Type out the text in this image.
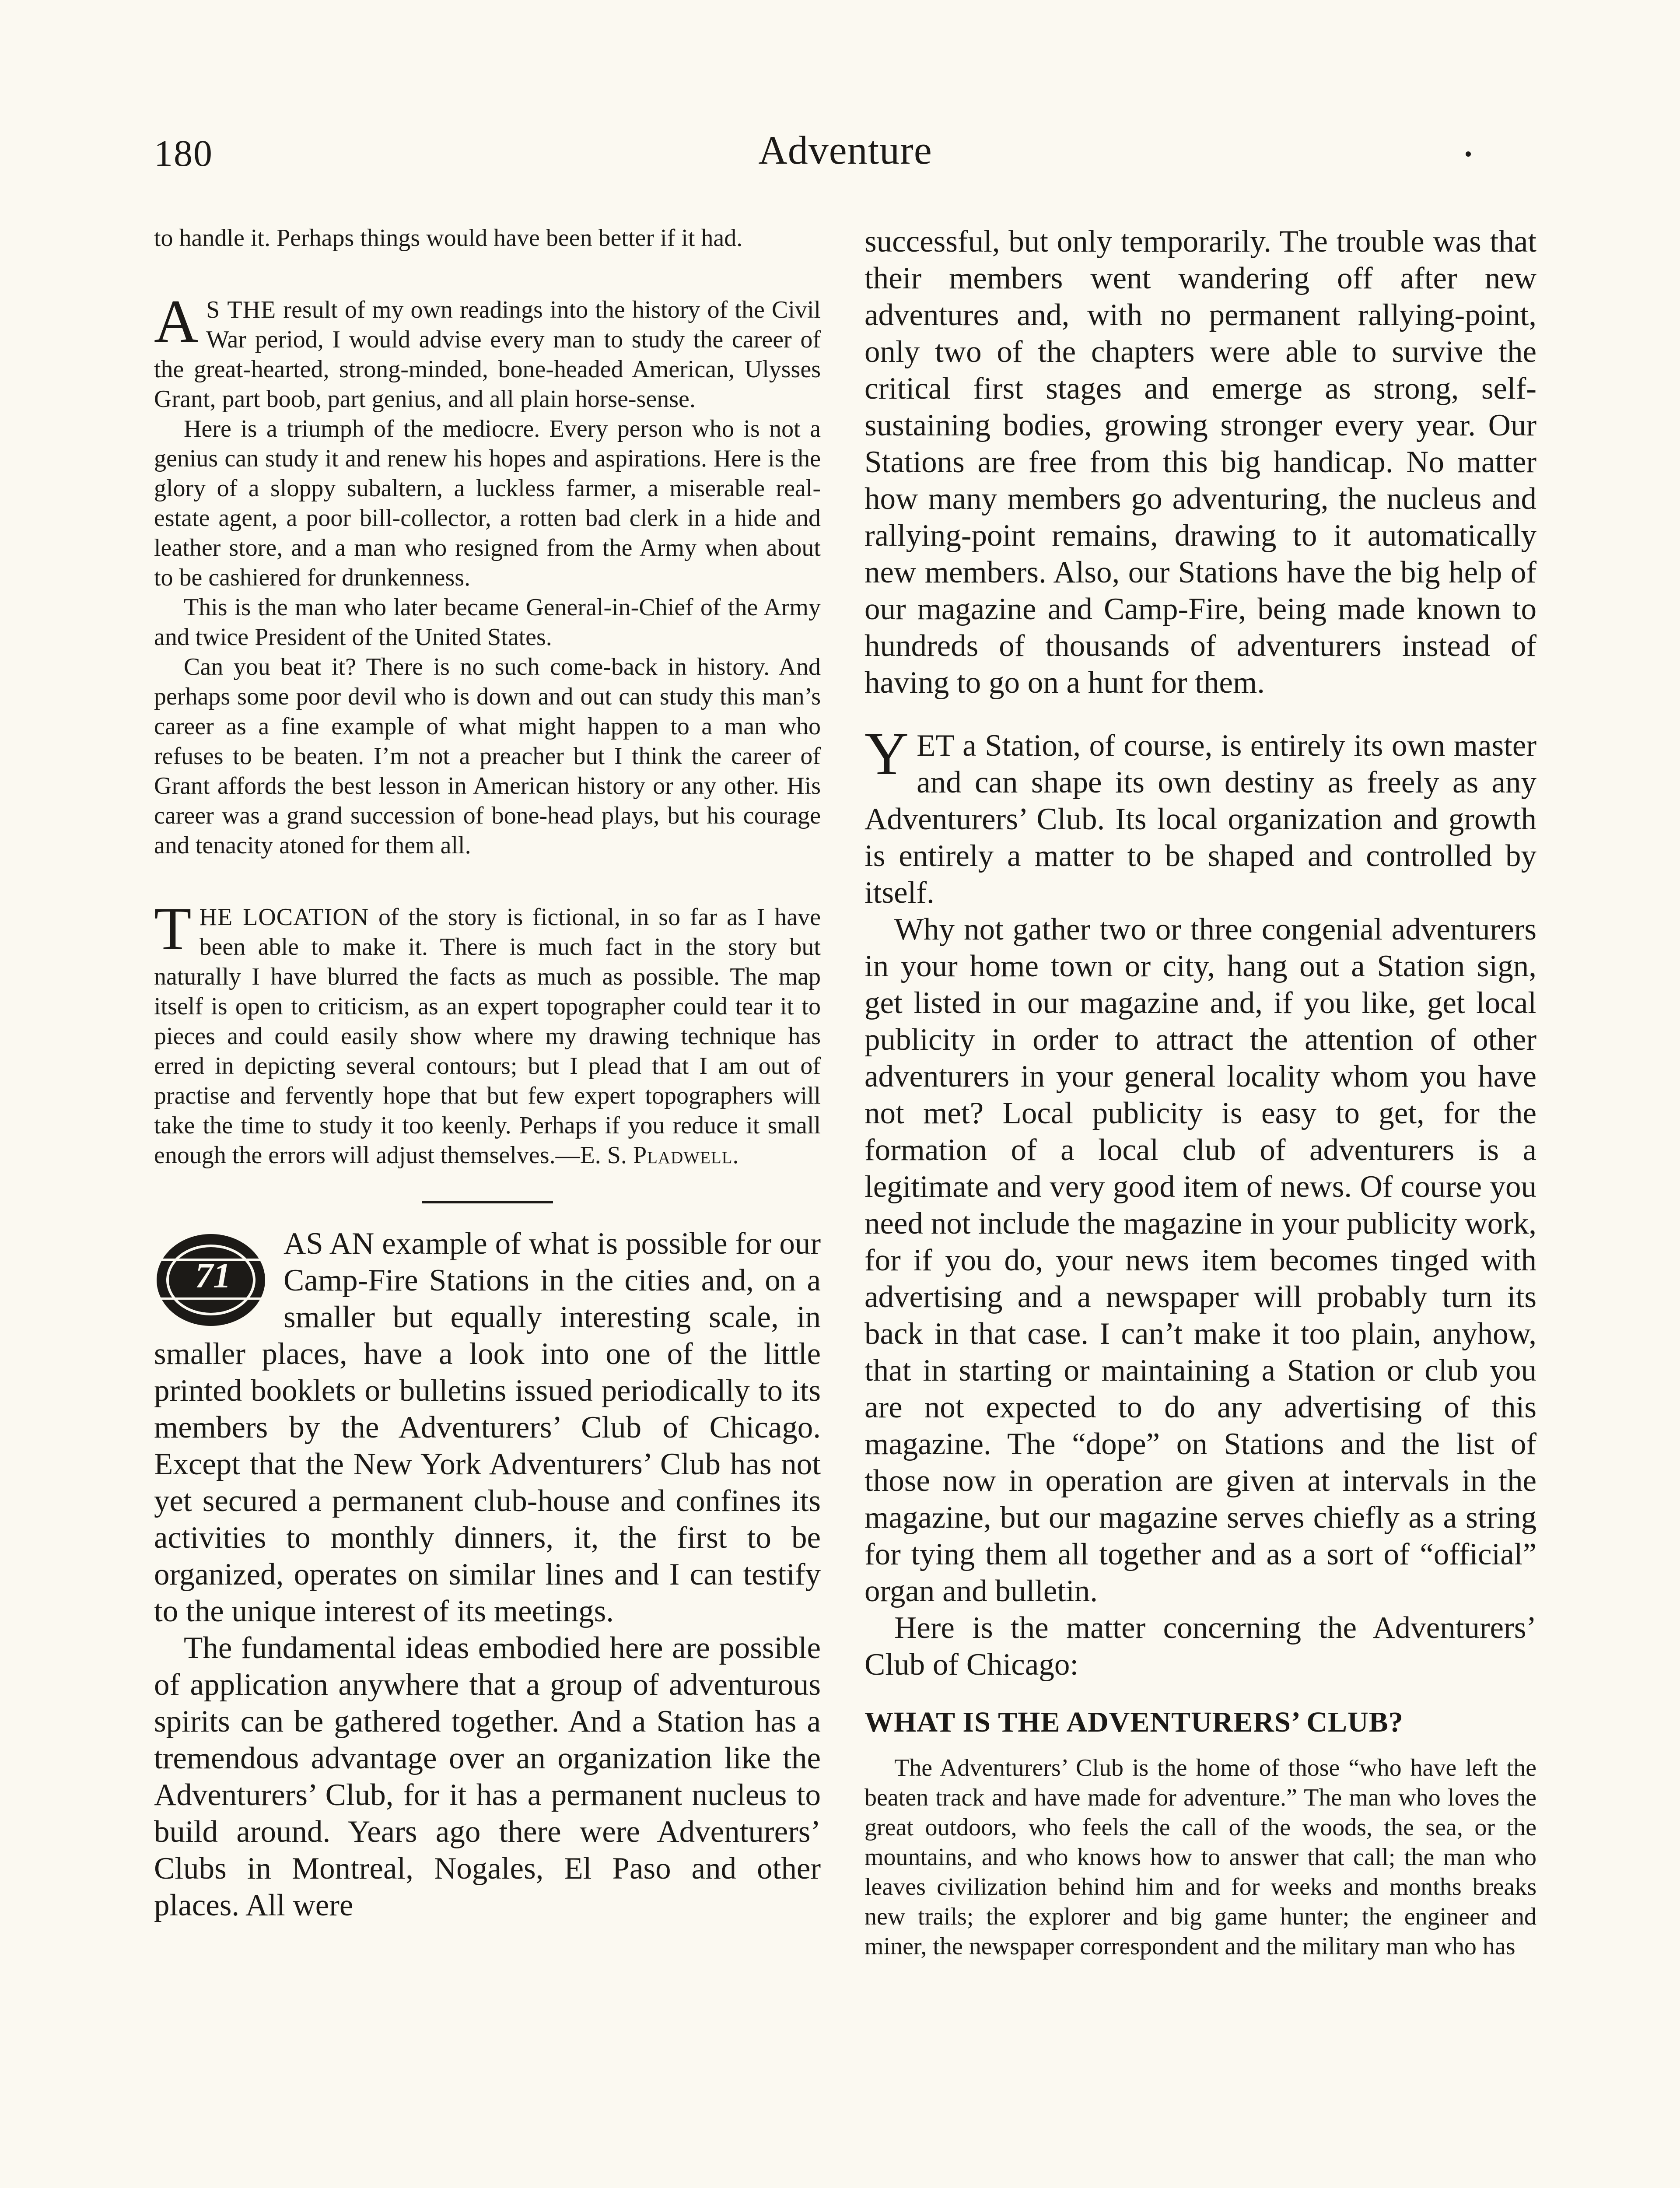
180	Adventure

to handle it. Perhaps things would have been better if it had.

A S THE result of my own readings into the history of the Civil War period, I would advise every man to study the career of the great-hearted, strong-minded, bone-headed American, Ulysses Grant, part boob, part genius, and all plain horse-sense.

Here is a triumph of the mediocre. Every person who is not a genius can study it and renew his hopes and aspirations. Here is the glory of a sloppy subaltern, a luckless farmer, a miserable real-estate agent, a poor bill-collector, a rotten bad clerk in a hide and leather store, and a man who resigned from the Army when about to be cashiered for drunkenness.

This is the man who later became General-in-Chief of the Army and twice President of the United States.

Can you beat it? There is no such come-back in history. And perhaps some poor devil who is down and out can study this man’s career as a fine example of what might happen to a man who refuses to be beaten. I’m not a preacher but I think the career of Grant affords the best lesson in American history or any other. His career was a grand succession of bone-head plays, but his courage and tenacity atoned for them all.

THE LOCATION of the story is fictional, in so far as I have been able to make it. There is much fact in the story but naturally I have blurred the facts as much as possible. The map itself is open to criticism, as an expert topographer could tear it to pieces and could easily show where my drawing technique has erred in depicting several contours; but I plead that I am out of practise and fervently hope that but few expert topographers will take the time to study it too keenly. Perhaps if you reduce it small enough the errors will adjust themselves.—E. S. Pladwell.

71
AS AN example of what is possible for our Camp-Fire Stations in the cities and, on a smaller but equally interesting scale, in smaller places, have a look into one of the little printed booklets or bulletins issued periodically to its members by the Adventurers’ Club of Chicago. Except that the New York Adventurers’ Club has not yet secured a permanent club-house and confines its activities to monthly dinners, it, the first to be organized, operates on similar lines and I can testify to the unique interest of its meetings.

The fundamental ideas embodied here are possible of application anywhere that a group of adventurous spirits can be gathered together. And a Station has a tremendous advantage over an organization like the Adventurers’ Club, for it has a permanent nucleus to build around. Years ago there were Adventurers’ Clubs in Montreal, Nogales, El Paso and other places. All were

successful, but only temporarily. The trouble was that their members went wandering off after new adventures and, with no permanent rallying-point, only two of the chapters were able to survive the critical first stages and emerge as strong, self-sustaining bodies, growing stronger every year. Our Stations are free from this big handicap. No matter how many members go adventuring, the nucleus and rallying-point remains, drawing to it automatically new members. Also, our Stations have the big help of our magazine and Camp-Fire, being made known to hundreds of thousands of adventurers instead of having to go on a hunt for them.

YET a Station, of course, is entirely its own master and can shape its own destiny as freely as any Adventurers’ Club. Its local organization and growth is entirely a matter to be shaped and controlled by itself.

Why not gather two or three congenial adventurers in your home town or city, hang out a Station sign, get listed in our magazine and, if you like, get local publicity in order to attract the attention of other adventurers in your general locality whom you have not met? Local publicity is easy to get, for the formation of a local club of adventurers is a legitimate and very good item of news. Of course you need not include the magazine in your publicity work, for if you do, your news item becomes tinged with advertising and a newspaper will probably turn its back in that case. I can’t make it too plain, anyhow, that in starting or maintaining a Station or club you are not expected to do any advertising of this magazine. The “dope” on Stations and the list of those now in operation are given at intervals in the magazine, but our magazine serves chiefly as a string for tying them all together and as a sort of “official” organ and bulletin.

Here is the matter concerning the Adventurers’ Club of Chicago:

WHAT IS THE ADVENTURERS’ CLUB?

The Adventurers’ Club is the home of those “who have left the beaten track and have made for adventure.” The man who loves the great outdoors, who feels the call of the woods, the sea, or the mountains, and who knows how to answer that call; the man who leaves civilization behind him and for weeks and months breaks new trails; the explorer and big game hunter; the engineer and miner, the newspaper correspondent and the military man who has
